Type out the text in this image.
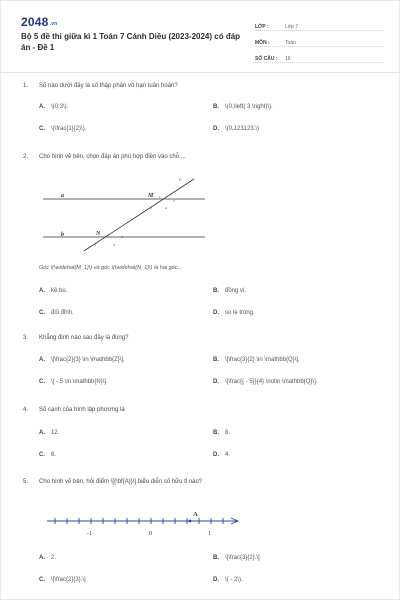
2048.vn
Bộ 5 đề thi giữa kì 1 Toán 7 Cánh Diều (2023-2024) có đáp án - Đề 1
LỚP :	Lớp 7
MÔN :	Toán
SỐ CÂU :	16
1.	Số nào dưới đây là số thập phân vô hạn tuần hoàn?
A. \(0,3\).	B. \(0,\left( 3 \right)\).
C. \(\frac{1}{2}\).	D. \(0,123123.\)
2.	Cho hình vẽ bên, chọn đáp án phù hợp điền vào chỗ ...
a
b
c
M 1
2
3	4
N 1	2
3	4
Góc \(\widehat{M_1}\) và góc \(\widehat{N_1}\) là hai góc...
A. kề bù.	B. đồng vị.
C. đối đỉnh.	D. so le trong.
3.	Khẳng định nào sau đây là đúng?
A. \[\frac{2}{3} \in \mathbb{Z}\].	B. \[\frac{3}{2} \in \mathbb{Q}\].
C. \[ - 5 \in \mathbb{N}\].	D. \[\frac{{ - 5}}{4} \notin \mathbb{Q}\].
4.	Số cạnh của hình lập phương là
A. 12.	B. 8.
C. 6.	D. 4.
5.	Cho hình vẽ bên, hỏi điểm \[{\bf{A}}\] biểu diễn số hữu tỉ nào?
A
-1	0	1
A. 2.	B. \[\frac{3}{2}.\]
C. \[\frac{2}{3}.\]	D. \( - 2\).
